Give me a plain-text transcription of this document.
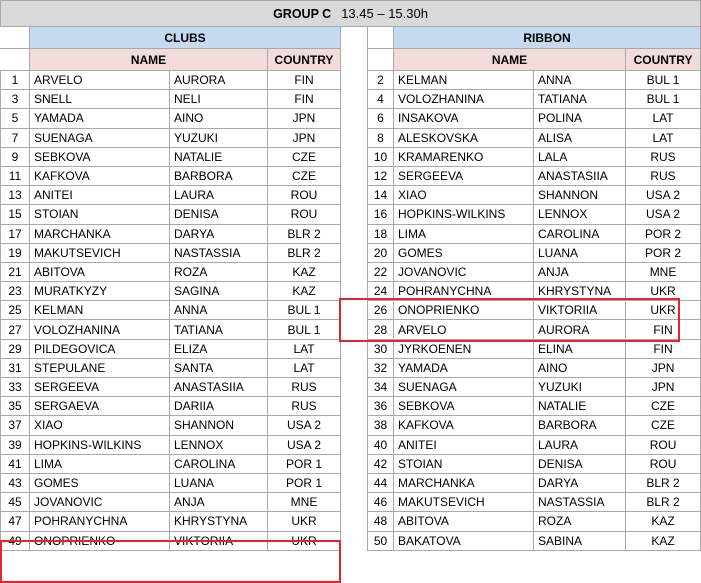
GROUP C 13.45 – 15.30h								
	CLUBS					RIBBON		
	NAME		COUNTRY			NAME		COUNTRY
1	ARVELO	AURORA	FIN		2	KELMAN	ANNA	BUL 1
3	SNELL	NELI	FIN		4	VOLOZHANINA	TATIANA	BUL 1
5	YAMADA	AINO	JPN		6	INSAKOVA	POLINA	LAT
7	SUENAGA	YUZUKI	JPN		8	ALESKOVSKA	ALISA	LAT
9	SEBKOVA	NATALIE	CZE		10	KRAMARENKO	LALA	RUS
11	KAFKOVA	BARBORA	CZE		12	SERGEEVA	ANASTASIIA	RUS
13	ANITEI	LAURA	ROU		14	XIAO	SHANNON	USA 2
15	STOIAN	DENISA	ROU		16	HOPKINS-WILKINS	LENNOX	USA 2
17	MARCHANKA	DARYA	BLR 2		18	LIMA	CAROLINA	POR 2
19	MAKUTSEVICH	NASTASSIA	BLR 2		20	GOMES	LUANA	POR 2
21	ABITOVA	ROZA	KAZ		22	JOVANOVIC	ANJA	MNE
23	MURATKYZY	SAGINA	KAZ		24	POHRANYCHNA	KHRYSTYNA	UKR
25	KELMAN	ANNA	BUL 1		26	ONOPRIENKO	VIKTORIIA	UKR
27	VOLOZHANINA	TATIANA	BUL 1		28	ARVELO	AURORA	FIN
29	PILDEGOVICA	ELIZA	LAT		30	JYRKOENEN	ELINA	FIN
31	STEPULANE	SANTA	LAT		32	YAMADA	AINO	JPN
33	SERGEEVA	ANASTASIIA	RUS		34	SUENAGA	YUZUKI	JPN
35	SERGAEVA	DARIIA	RUS		36	SEBKOVA	NATALIE	CZE
37	XIAO	SHANNON	USA 2		38	KAFKOVA	BARBORA	CZE
39	HOPKINS-WILKINS	LENNOX	USA 2		40	ANITEI	LAURA	ROU
41	LIMA	CAROLINA	POR 1		42	STOIAN	DENISA	ROU
43	GOMES	LUANA	POR 1		44	MARCHANKA	DARYA	BLR 2
45	JOVANOVIC	ANJA	MNE		46	MAKUTSEVICH	NASTASSIA	BLR 2
47	POHRANYCHNA	KHRYSTYNA	UKR		48	ABITOVA	ROZA	KAZ
49	ONOPRIENKO	VIKTORIIA	UKR		50	BAKATOVA	SABINA	KAZ
